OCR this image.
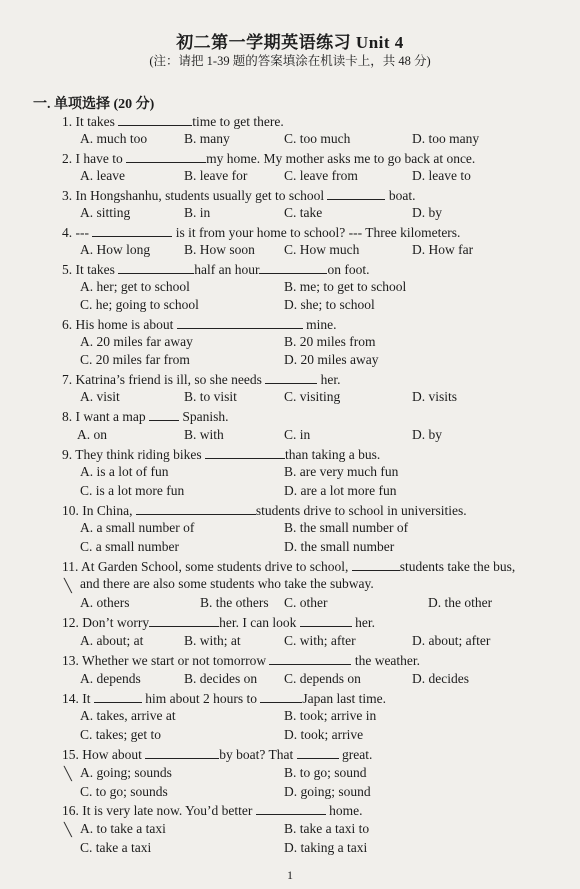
初二第一学期英语练习 Unit 4
(注：请把 1-39 题的答案填涂在机读卡上，共 48 分)
一. 单项选择 (20 分)
1. It takes	time to get there.
A. much too	B. many	C. too much	D. too many
2. I have to	my home. My mother asks me to go back at once.
A. leave	B. leave for	C. leave from	D. leave to
3. In Hongshanhu, students usually get to school	boat.
A. sitting	B. in	C. take	D. by
4. ---	is it from your home to school? --- Three kilometers.
A. How long	B. How soon C. How much	D. How far
5. It takes	half an hour	on foot.
A. her; get to school	B. me; to get to school
C. he; going to school	D. she; to school
6. His home is about	mine.
A. 20 miles far away	B. 20 miles from
C. 20 miles far from	D. 20 miles away
7. Katrina’s friend is ill, so she needs	her.
A. visit	B. to visit	C. visiting	D. visits
8. I want a map  Spanish.
A. on	B. with	C. in	D. by
9. They think riding bikes	than taking a bus.
A. is a lot of fun	B. are very much fun
C. is a lot more fun	D. are a lot more fun
10. In China,	students drive to school in universities.
A. a small number of	B. the small number of
C. a small number	D. the small number
11. At Garden School, some students drive to school,	students take the bus,
and there are also some students who take the subway.
A. others	B. the others C. other	D. the other
12. Don’t worry	her. I can look	her.
A. about; at	B. with; at	C. with; after	D. about; after
13. Whether we start or not tomorrow	the weather.
A. depends	B. decides on C. depends on	D. decides
14. It	him about 2 hours to	Japan last time.
A. takes, arrive at	B. took; arrive in
C. takes; get to	D. took; arrive
15. How about	by boat? That	great.
A. going; sounds	B. to go; sound
C. to go; sounds	D. going; sound
16. It is very late now. You’d better	home.
A. to take a taxi	B. take a taxi to
C. take a taxi	D. taking a taxi
╲
╲
╲
1
